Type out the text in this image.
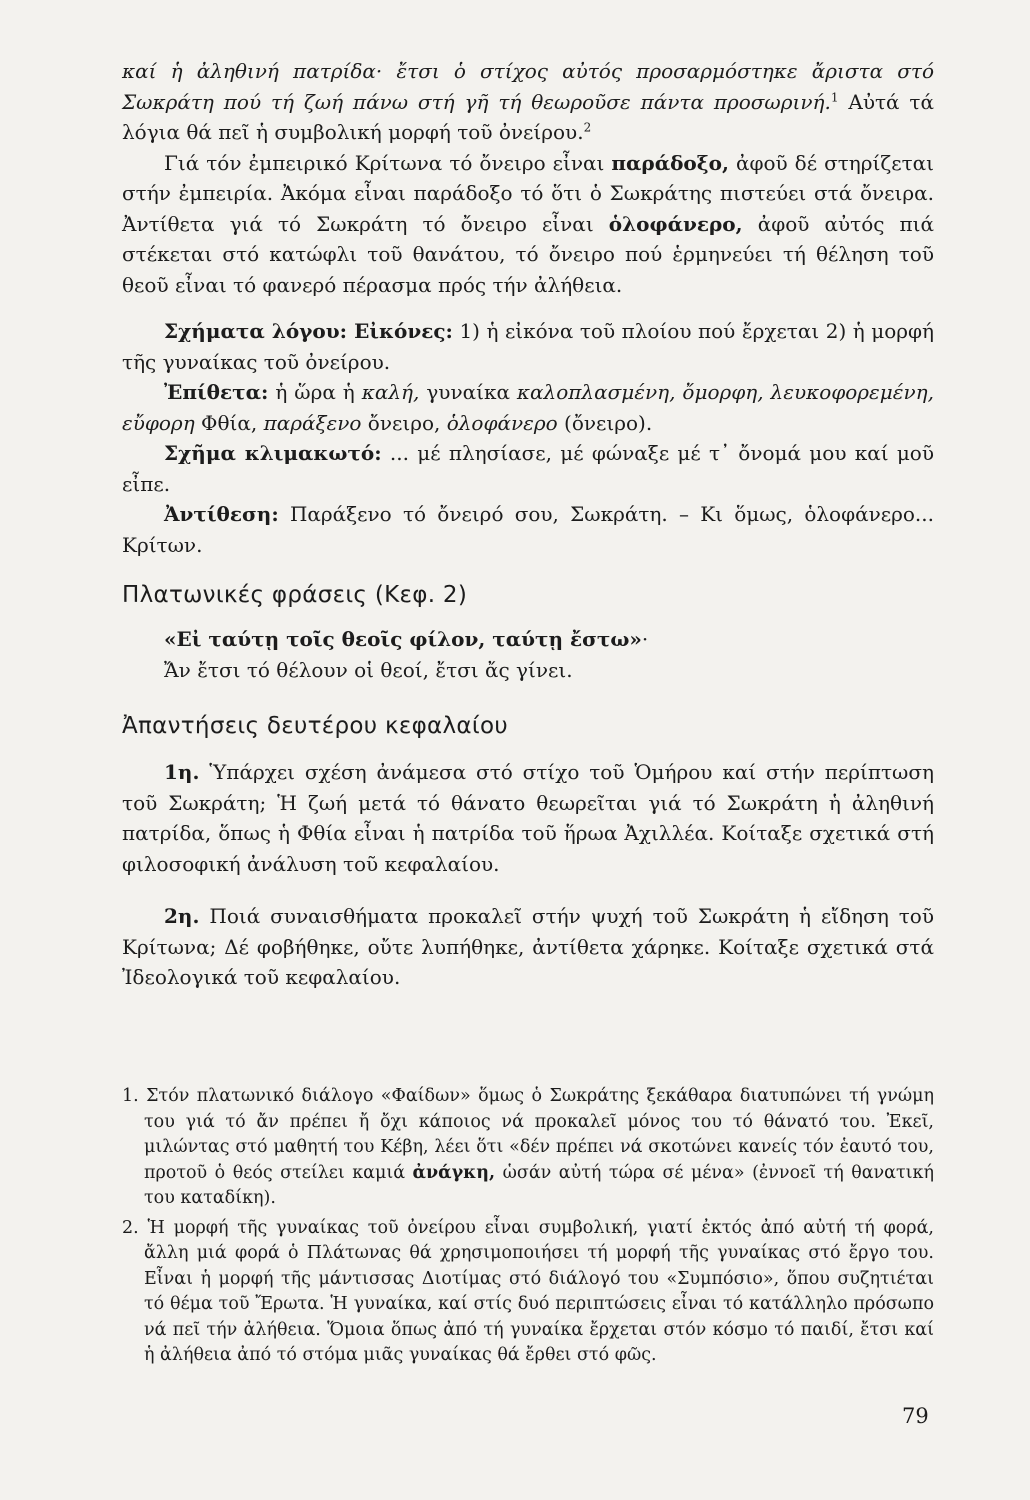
καί ἡ ἀληθινή πατρίδα· ἔτσι ὁ στίχος αὐτός προσαρμόστηκε ἄριστα στό Σωκράτη πού τή ζωή πάνω στή γῆ τή θεωροῦσε πάντα προσωρινή.$^1$ Αὐτά τά λόγια θά πεῖ ἡ συμβολική μορφή τοῦ ὀνείρου.$^2$

Γιά τόν ἐμπειρικό Κρίτωνα τό ὄνειρο εἶναι παράδοξο, ἀφοῦ δέ στηρίζεται στήν ἐμπειρία. Ἀκόμα εἶναι παράδοξο τό ὅτι ὁ Σωκράτης πιστεύει στά ὄνειρα. Ἀντίθετα γιά τό Σωκράτη τό ὄνειρο εἶναι ὁλοφάνερο, ἀφοῦ αὐτός πιά στέκεται στό κατώφλι τοῦ θανάτου, τό ὄνειρο πού ἑρμηνεύει τή θέληση τοῦ θεοῦ εἶναι τό φανερό πέρασμα πρός τήν ἀλήθεια.

Σχήματα λόγου: Εἰκόνες: 1) ἡ εἰκόνα τοῦ πλοίου πού ἔρχεται 2) ἡ μορφή τῆς γυναίκας τοῦ ὀνείρου.

Ἐπίθετα: ἡ ὥρα ἡ καλή, γυναίκα καλοπλασμένη, ὄμορφη, λευκοφορεμένη, εὔφορη Φθία, παράξενο ὄνειρο, ὁλοφάνερο (ὄνειρο).

Σχῆμα κλιμακωτό: ... μέ πλησίασε, μέ φώναξε μέ τ᾽ ὄνομά μου καί μοῦ εἶπε.

Ἀντίθεση: Παράξενο τό ὄνειρό σου, Σωκράτη. – Κι ὅμως, ὁλοφάνερο... Κρίτων.

Πλατωνικές φράσεις (Κεφ. 2)

«Εἰ ταύτῃ τοῖς θεοῖς φίλον, ταύτῃ ἔστω»·

Ἄν ἔτσι τό θέλουν οἱ θεοί, ἔτσι ἄς γίνει.

Ἀπαντήσεις δευτέρου κεφαλαίου

1η. Ὑπάρχει σχέση ἀνάμεσα στό στίχο τοῦ Ὁμήρου καί στήν περίπτωση τοῦ Σωκράτη; Ἡ ζωή μετά τό θάνατο θεωρεῖται γιά τό Σωκράτη ἡ ἀληθινή πατρίδα, ὅπως ἡ Φθία εἶναι ἡ πατρίδα τοῦ ἥρωα Ἀχιλλέα. Κοίταξε σχετικά στή φιλοσοφική ἀνάλυση τοῦ κεφαλαίου.

2η. Ποιά συναισθήματα προκαλεῖ στήν ψυχή τοῦ Σωκράτη ἡ εἴδηση τοῦ Κρίτωνα; Δέ φοβήθηκε, οὔτε λυπήθηκε, ἀντίθετα χάρηκε. Κοίταξε σχετικά στά Ἰδεολογικά τοῦ κεφαλαίου.

1. Στόν πλατωνικό διάλογο «Φαίδων» ὅμως ὁ Σωκράτης ξεκάθαρα διατυπώνει τή γνώμη του γιά τό ἄν πρέπει ἤ ὄχι κάποιος νά προκαλεῖ μόνος του τό θάνατό του. Ἐκεῖ, μιλώντας στό μαθητή του Κέβη, λέει ὅτι «δέν πρέπει νά σκοτώνει κανείς τόν ἑαυτό του, προτοῦ ὁ θεός στείλει καμιά ἀνάγκη, ὡσάν αὐτή τώρα σέ μένα» (ἐννοεῖ τή θανατική του καταδίκη).

2. Ἡ μορφή τῆς γυναίκας τοῦ ὀνείρου εἶναι συμβολική, γιατί ἐκτός ἀπό αὐτή τή φορά, ἄλλη μιά φορά ὁ Πλάτωνας θά χρησιμοποιήσει τή μορφή τῆς γυναίκας στό ἔργο του. Εἶναι ἡ μορφή τῆς μάντισσας Διοτίμας στό διάλογό του «Συμπόσιο», ὅπου συζητιέται τό θέμα τοῦ Ἔρωτα. Ἡ γυναίκα, καί στίς δυό περιπτώσεις εἶναι τό κατάλληλο πρόσωπο νά πεῖ τήν ἀλήθεια. Ὅμοια ὅπως ἀπό τή γυναίκα ἔρχεται στόν κόσμο τό παιδί, ἔτσι καί ἡ ἀλήθεια ἀπό τό στόμα μιᾶς γυναίκας θά ἔρθει στό φῶς.

79
